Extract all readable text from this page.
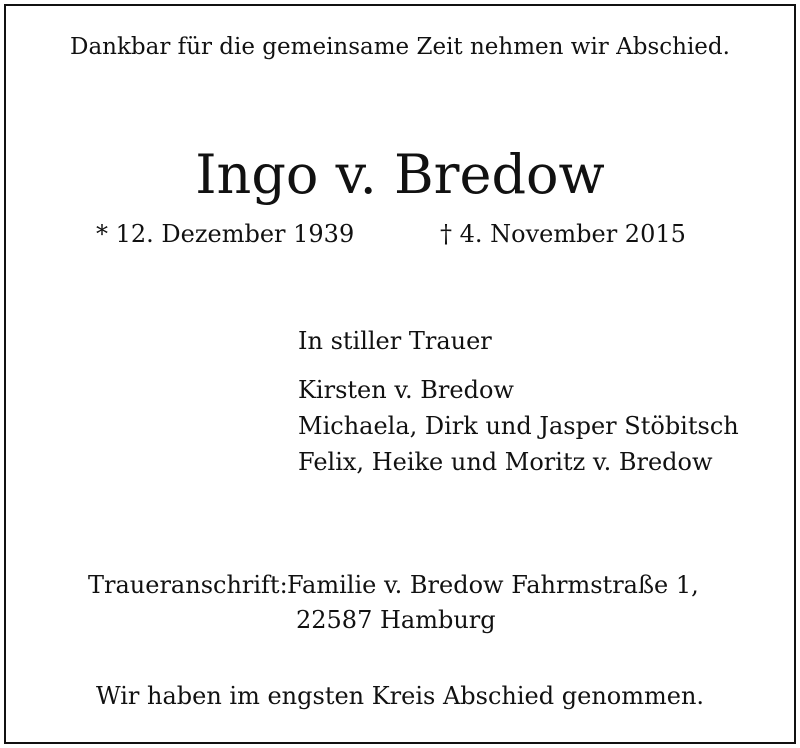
Dankbar für die gemeinsame Zeit nehmen wir Abschied.
Ingo v. Bredow
* 12. Dezember 1939	† 4. November 2015
In stiller Trauer
Kirsten v. Bredow
Michaela, Dirk und Jasper Stöbitsch
Felix, Heike und Moritz v. Bredow
Traueranschrift: Familie v. Bredow Fahrmstraße 1,
22587 Hamburg
Wir haben im engsten Kreis Abschied genommen.
